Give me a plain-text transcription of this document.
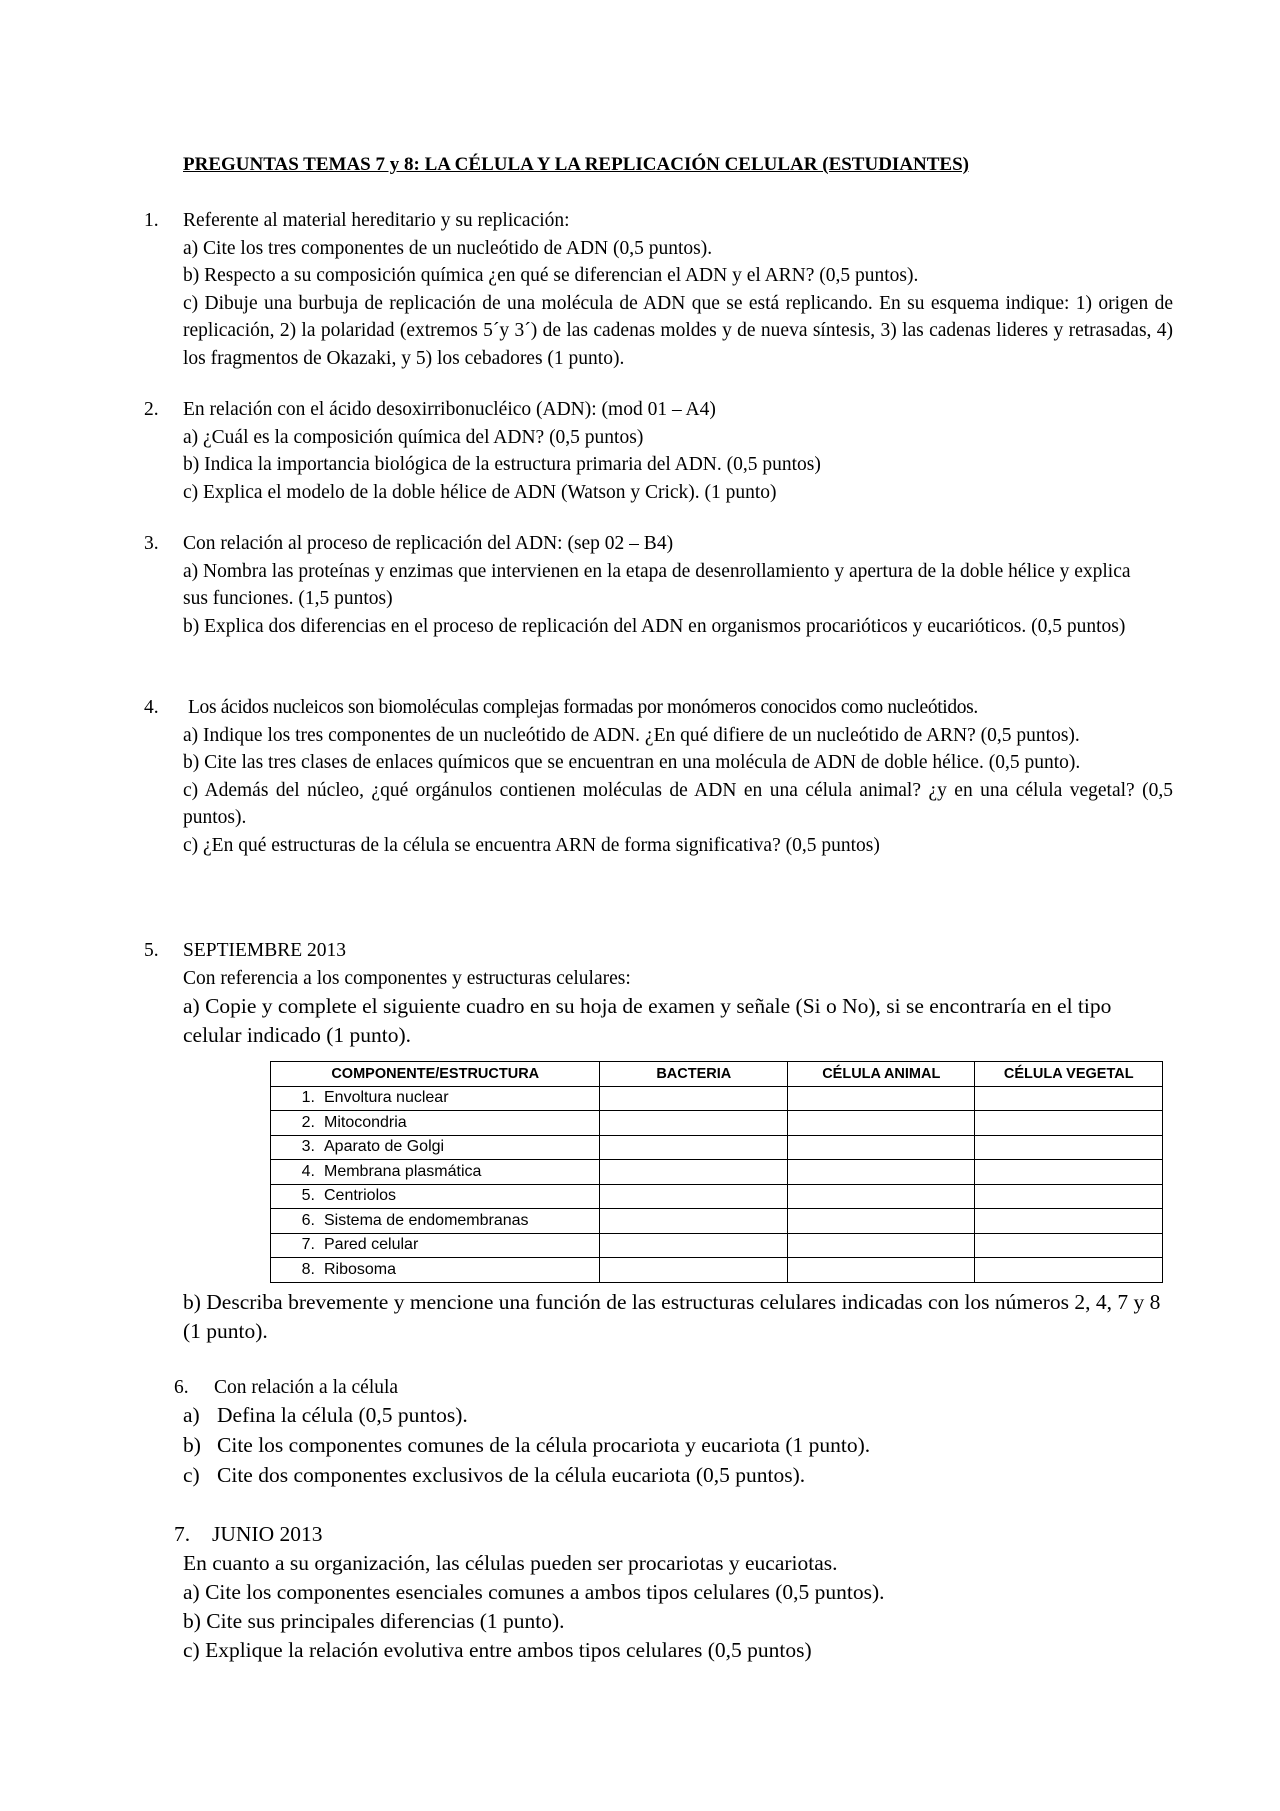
PREGUNTAS TEMAS 7 y 8: LA CÉLULA Y LA REPLICACIÓN CELULAR (ESTUDIANTES)

1. Referente al material hereditario y su replicación:

a) Cite los tres componentes de un nucleótido de ADN (0,5 puntos).

b) Respecto a su composición química ¿en qué se diferencian el ADN y el ARN? (0,5 puntos).

c) Dibuje una burbuja de replicación de una molécula de ADN que se está replicando. En su esquema indique: 1) origen de replicación, 2) la polaridad (extremos 5´y 3´) de las cadenas moldes y de nueva síntesis, 3) las cadenas lideres y retrasadas, 4) los fragmentos de Okazaki, y 5) los cebadores (1 punto).

2. En relación con el ácido desoxirribonucléico (ADN): (mod 01 – A4)

a) ¿Cuál es la composición química del ADN? (0,5 puntos)

b) Indica la importancia biológica de la estructura primaria del ADN. (0,5 puntos)

c) Explica el modelo de la doble hélice de ADN (Watson y Crick). (1 punto)

3. Con relación al proceso de replicación del ADN: (sep 02 – B4)

a) Nombra las proteínas y enzimas que intervienen en la etapa de desenrollamiento y apertura de la doble hélice y explica sus funciones. (1,5 puntos)

b) Explica dos diferencias en el proceso de replicación del ADN en organismos procarióticos y eucarióticos. (0,5 puntos)

4. Los ácidos nucleicos son biomoléculas complejas formadas por monómeros conocidos como nucleótidos.

a) Indique los tres componentes de un nucleótido de ADN. ¿En qué difiere de un nucleótido de ARN? (0,5 puntos).

b) Cite las tres clases de enlaces químicos que se encuentran en una molécula de ADN de doble hélice. (0,5 punto).

c) Además del núcleo, ¿qué orgánulos contienen moléculas de ADN en una célula animal? ¿y en una célula vegetal? (0,5 puntos).

c) ¿En qué estructuras de la célula se encuentra ARN de forma significativa? (0,5 puntos)

5. SEPTIEMBRE 2013

Con referencia a los componentes y estructuras celulares:

a) Copie y complete el siguiente cuadro en su hoja de examen y señale (Si o No), si se encontraría en el tipo celular indicado (1 punto).

COMPONENTE/ESTRUCTURA	BACTERIA	CÉLULA ANIMAL	CÉLULA VEGETAL
1. Envoltura nuclear			
2. Mitocondria			
3. Aparato de Golgi			
4. Membrana plasmática			
5. Centriolos			
6. Sistema de endomembranas			
7. Pared celular			
8. Ribosoma			

b) Describa brevemente y mencione una función de las estructuras celulares indicadas con los números 2, 4, 7 y 8 (1 punto).

6. Con relación a la célula

a) Defina la célula (0,5 puntos).
b) Cite los componentes comunes de la célula procariota y eucariota (1 punto).
c) Cite dos componentes exclusivos de la célula eucariota (0,5 puntos).
7. JUNIO 2013

En cuanto a su organización, las células pueden ser procariotas y eucariotas.

a) Cite los componentes esenciales comunes a ambos tipos celulares (0,5 puntos).

b) Cite sus principales diferencias (1 punto).

c) Explique la relación evolutiva entre ambos tipos celulares (0,5 puntos)
